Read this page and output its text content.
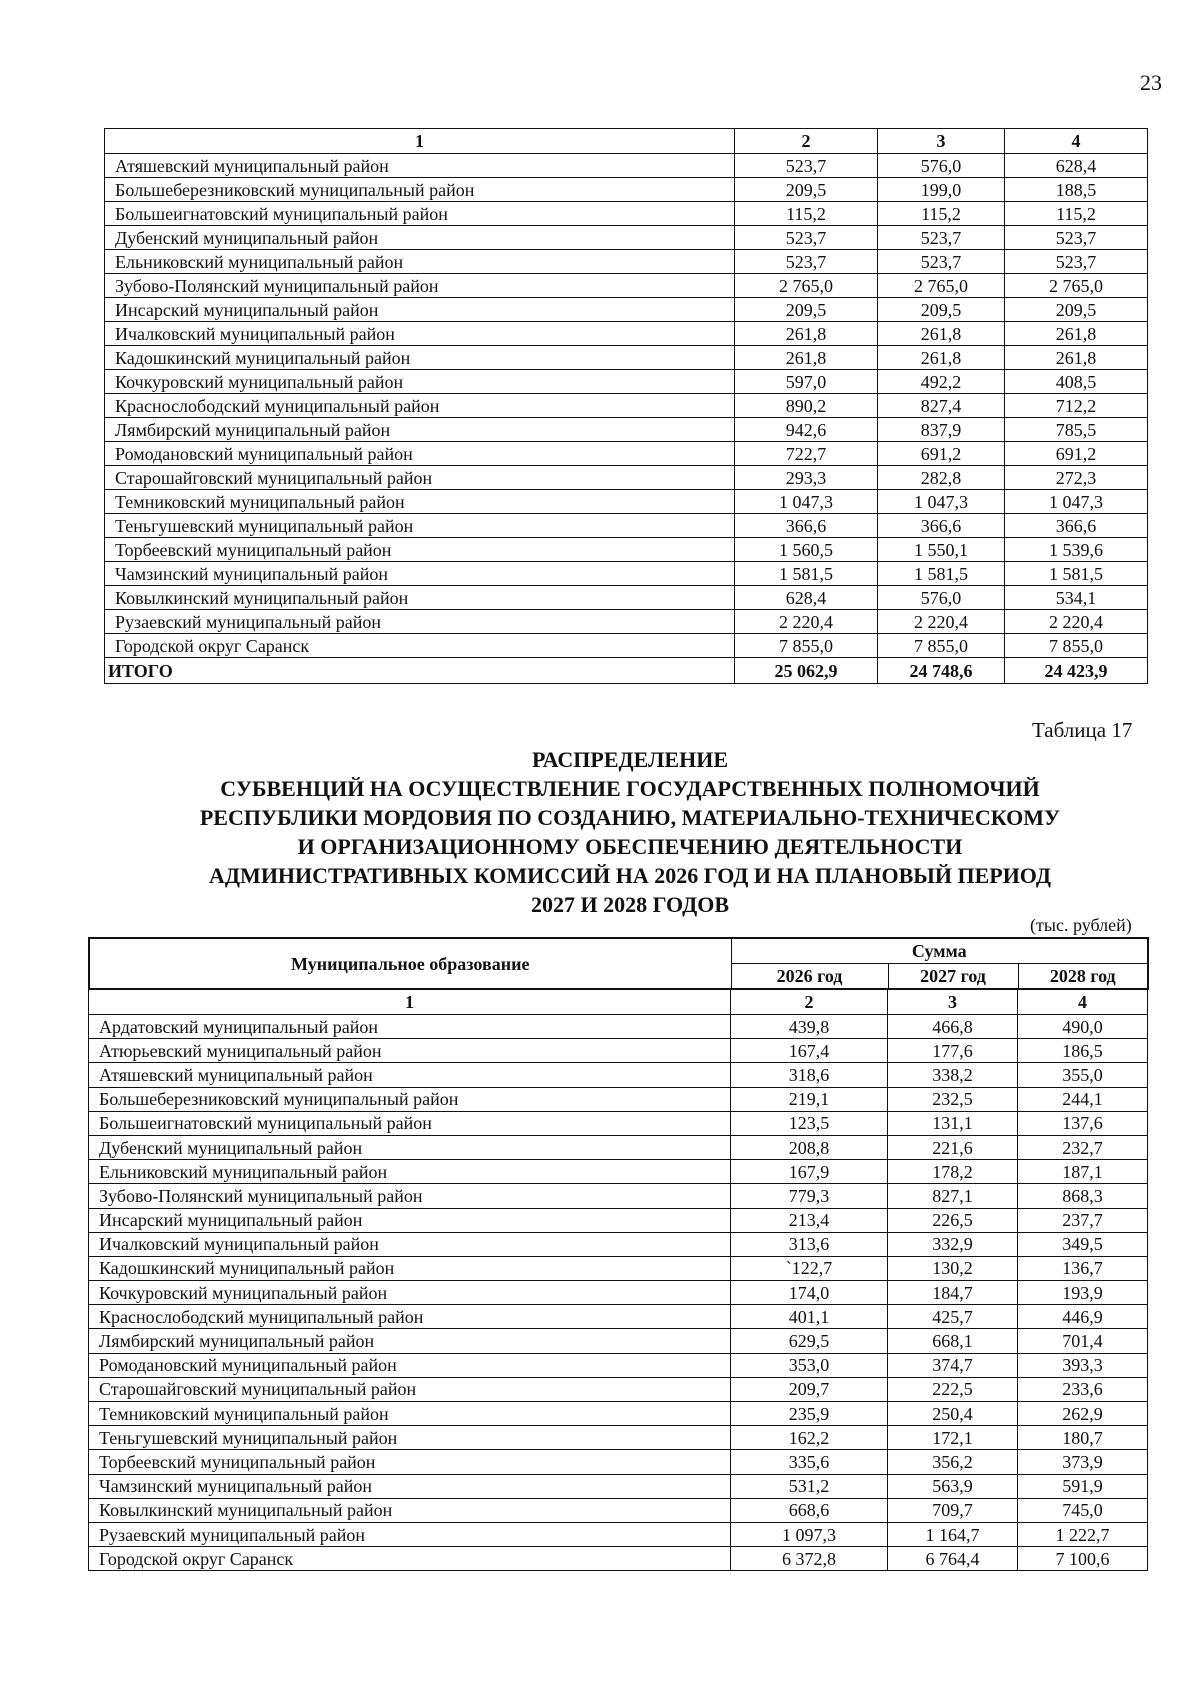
23
1	2	3	4
Атяшевский муниципальный район	523,7	576,0	628,4
Большеберезниковский муниципальный район	209,5	199,0	188,5
Большеигнатовский муниципальный район	115,2	115,2	115,2
Дубенский муниципальный район	523,7	523,7	523,7
Ельниковский муниципальный район	523,7	523,7	523,7
Зубово-Полянский муниципальный район	2 765,0	2 765,0	2 765,0
Инсарский муниципальный район	209,5	209,5	209,5
Ичалковский муниципальный район	261,8	261,8	261,8
Кадошкинский муниципальный район	261,8	261,8	261,8
Кочкуровский муниципальный район	597,0	492,2	408,5
Краснослободский муниципальный район	890,2	827,4	712,2
Лямбирский муниципальный район	942,6	837,9	785,5
Ромодановский муниципальный район	722,7	691,2	691,2
Старошайговский муниципальный район	293,3	282,8	272,3
Темниковский муниципальный район	1 047,3	1 047,3	1 047,3
Теньгушевский муниципальный район	366,6	366,6	366,6
Торбеевский муниципальный район	1 560,5	1 550,1	1 539,6
Чамзинский муниципальный район	1 581,5	1 581,5	1 581,5
Ковылкинский муниципальный район	628,4	576,0	534,1
Рузаевский муниципальный район	2 220,4	2 220,4	2 220,4
Городской округ Саранск	7 855,0	7 855,0	7 855,0
ИТОГО	25 062,9	24 748,6	24 423,9
Таблица 17
РАСПРЕДЕЛЕНИЕ
СУБВЕНЦИЙ НА ОСУЩЕСТВЛЕНИЕ ГОСУДАРСТВЕННЫХ ПОЛНОМОЧИЙ
РЕСПУБЛИКИ МОРДОВИЯ ПО СОЗДАНИЮ, МАТЕРИАЛЬНО-ТЕХНИЧЕСКОМУ
И ОРГАНИЗАЦИОННОМУ ОБЕСПЕЧЕНИЮ ДЕЯТЕЛЬНОСТИ
АДМИНИСТРАТИВНЫХ КОМИССИЙ НА 2026 ГОД И НА ПЛАНОВЫЙ ПЕРИОД
2027 И 2028 ГОДОВ
(тыс. рублей)
Муниципальное образование	Сумма		
	2026 год	2027 год	2028 год
1	2	3	4
Ардатовский муниципальный район	439,8	466,8	490,0
Атюрьевский муниципальный район	167,4	177,6	186,5
Атяшевский муниципальный район	318,6	338,2	355,0
Большеберезниковский муниципальный район	219,1	232,5	244,1
Большеигнатовский муниципальный район	123,5	131,1	137,6
Дубенский муниципальный район	208,8	221,6	232,7
Ельниковский муниципальный район	167,9	178,2	187,1
Зубово-Полянский муниципальный район	779,3	827,1	868,3
Инсарский муниципальный район	213,4	226,5	237,7
Ичалковский муниципальный район	313,6	332,9	349,5
Кадошкинский муниципальный район	`122,7	130,2	136,7
Кочкуровский муниципальный район	174,0	184,7	193,9
Краснослободский муниципальный район	401,1	425,7	446,9
Лямбирский муниципальный район	629,5	668,1	701,4
Ромодановский муниципальный район	353,0	374,7	393,3
Старошайговский муниципальный район	209,7	222,5	233,6
Темниковский муниципальный район	235,9	250,4	262,9
Теньгушевский муниципальный район	162,2	172,1	180,7
Торбеевский муниципальный район	335,6	356,2	373,9
Чамзинский муниципальный район	531,2	563,9	591,9
Ковылкинский муниципальный район	668,6	709,7	745,0
Рузаевский муниципальный район	1 097,3	1 164,7	1 222,7
Городской округ Саранск	6 372,8	6 764,4	7 100,6
